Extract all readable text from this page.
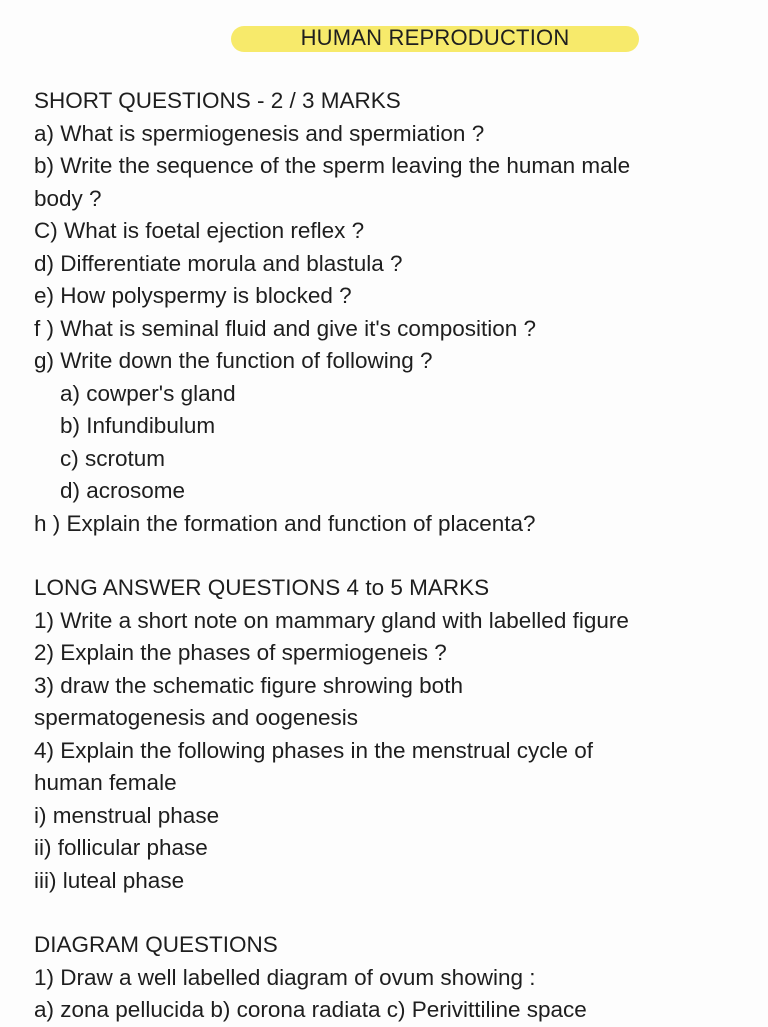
HUMAN REPRODUCTION
SHORT QUESTIONS - 2 / 3 MARKS
a) What is spermiogenesis and spermiation ?
b) Write the sequence of the sperm leaving the human male
body ?
C) What is foetal ejection reflex ?
d) Differentiate morula and blastula ?
e) How polyspermy is blocked ?
f ) What is seminal fluid and give it's composition ?
g) Write down the function of following ?
a) cowper's gland
b) Infundibulum
c) scrotum
d) acrosome
h ) Explain the formation and function of placenta?
LONG ANSWER QUESTIONS 4 to 5 MARKS
1) Write a short note on mammary gland with labelled figure
2) Explain the phases of spermiogeneis ?
3) draw the schematic figure shrowing both
spermatogenesis and oogenesis
4) Explain the following phases in the menstrual cycle of
human female
i) menstrual phase
ii) follicular phase
iii) luteal phase
DIAGRAM QUESTIONS
1) Draw a well labelled diagram of ovum showing :
a) zona pellucida b) corona radiata c) Perivittiline space
